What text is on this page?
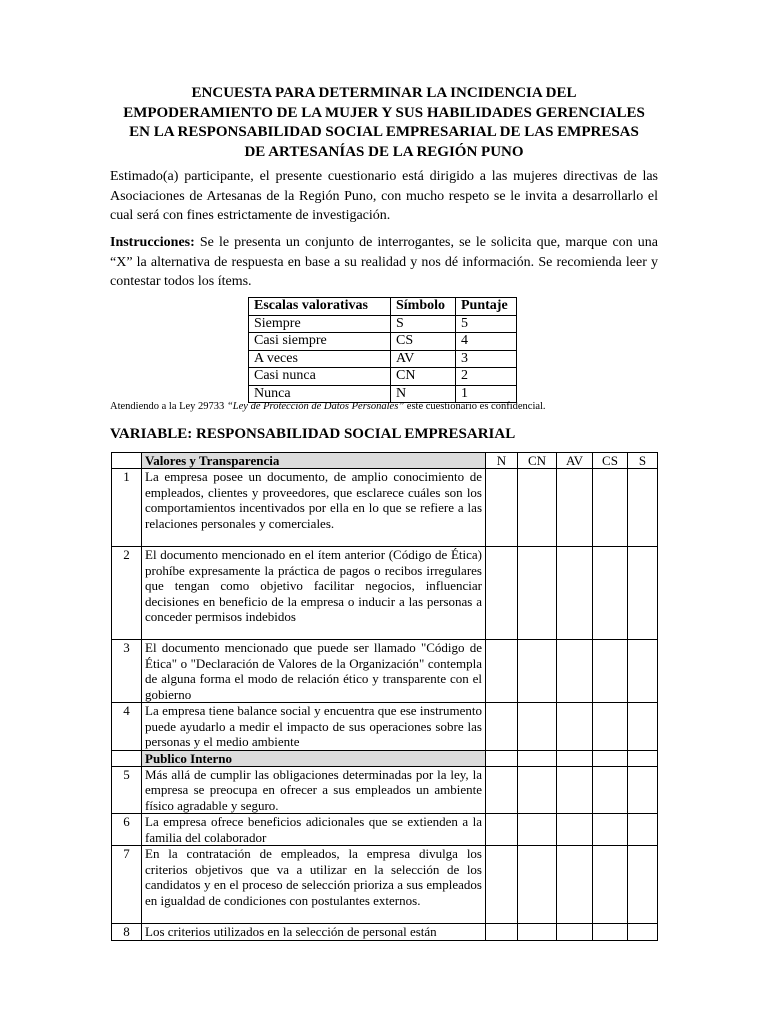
ENCUESTA PARA DETERMINAR LA INCIDENCIA DEL
EMPODERAMIENTO DE LA MUJER Y SUS HABILIDADES GERENCIALES
EN LA RESPONSABILIDAD SOCIAL EMPRESARIAL DE LAS EMPRESAS
DE ARTESANÍAS DE LA REGIÓN PUNO
Estimado(a) participante, el presente cuestionario está dirigido a las mujeres directivas de las Asociaciones de Artesanas de la Región Puno, con mucho respeto se le invita a desarrollarlo el cual será con fines estrictamente de investigación.
Instrucciones: Se le presenta un conjunto de interrogantes, se le solicita que, marque con una “X” la alternativa de respuesta en base a su realidad y nos dé información. Se recomienda leer y contestar todos los ítems.
Escalas valorativas	Símbolo	Puntaje
Siempre	S	5
Casi siempre	CS	4
A veces	AV	3
Casi nunca	CN	2
Nunca	N	1
Atendiendo a la Ley 29733 “Ley de Protección de Datos Personales” este cuestionario es confidencial.
VARIABLE: RESPONSABILIDAD SOCIAL EMPRESARIAL
	Valores y Transparencia	N	CN	AV	CS	S
1	La empresa posee un documento, de amplio conocimiento de empleados, clientes y proveedores, que esclarece cuáles son los comportamientos incentivados por ella en lo que se refiere a las relaciones personales y comerciales.					
2	El documento mencionado en el ítem anterior (Código de Ética) prohíbe expresamente la práctica de pagos o recibos irregulares que tengan como objetivo facilitar negocios, influenciar decisiones en beneficio de la empresa o inducir a las personas a conceder permisos indebidos					
3	El documento mencionado que puede ser llamado "Código de Ética" o "Declaración de Valores de la Organización" contempla de alguna forma el modo de relación ético y transparente con el gobierno					
4	La empresa tiene balance social y encuentra que ese instrumento puede ayudarlo a medir el impacto de sus operaciones sobre las personas y el medio ambiente					
	Publico Interno					
5	Más allá de cumplir las obligaciones determinadas por la ley, la empresa se preocupa en ofrecer a sus empleados un ambiente físico agradable y seguro.					
6	La empresa ofrece beneficios adicionales que se extienden a la familia del colaborador					
7	En la contratación de empleados, la empresa divulga los criterios objetivos que va a utilizar en la selección de los candidatos y en el proceso de selección prioriza a sus empleados en igualdad de condiciones con postulantes externos.					
8	Los criterios utilizados en la selección de personal están					
